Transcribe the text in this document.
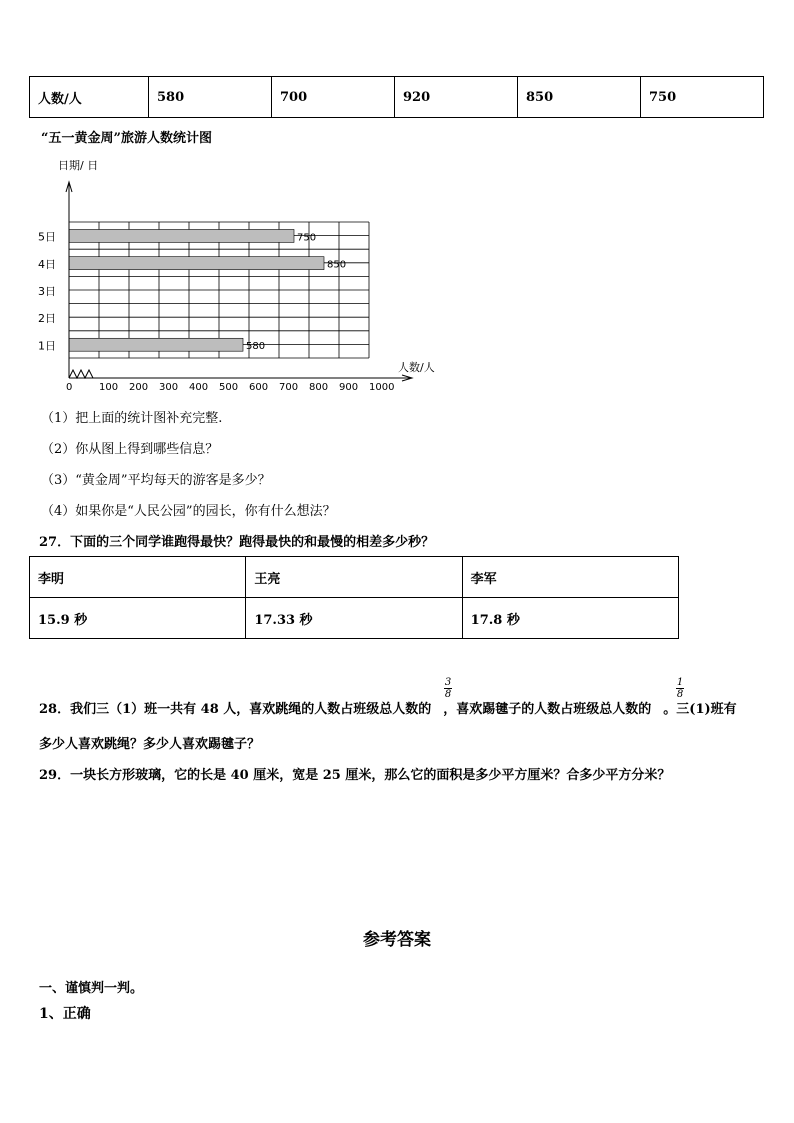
人数/人	580	700	920	850	750
“五一黄金周”旅游人数统计图
580
1日
2日
3日
850
4日
750
5日
0	100 200 300 400 500 600 700 800 900 1000
日期/ 日
人数/人
（1）把上面的统计图补充完整.
（2）你从图上得到哪些信息？
（3）“黄金周”平均每天的游客是多少？
（4）如果你是“人民公园”的园长，你有什么想法？
27．下面的三个同学谁跑得最快？跑得最快的和最慢的相差多少秒？
李明	王亮	李军
15.9 秒	17.33 秒	17.8 秒
28．我们三（1）班一共有 48 人，喜欢跳绳的人数占班级总人数的 ，喜欢踢毽子的人数占班级总人数的 。三(1)班有
3
8
1
8
多少人喜欢跳绳？多少人喜欢踢毽子？
29．一块长方形玻璃，它的长是 40 厘米，宽是 25 厘米，那么它的面积是多少平方厘米？合多少平方分米？
参考答案
一、谨慎判一判。
1、正确
